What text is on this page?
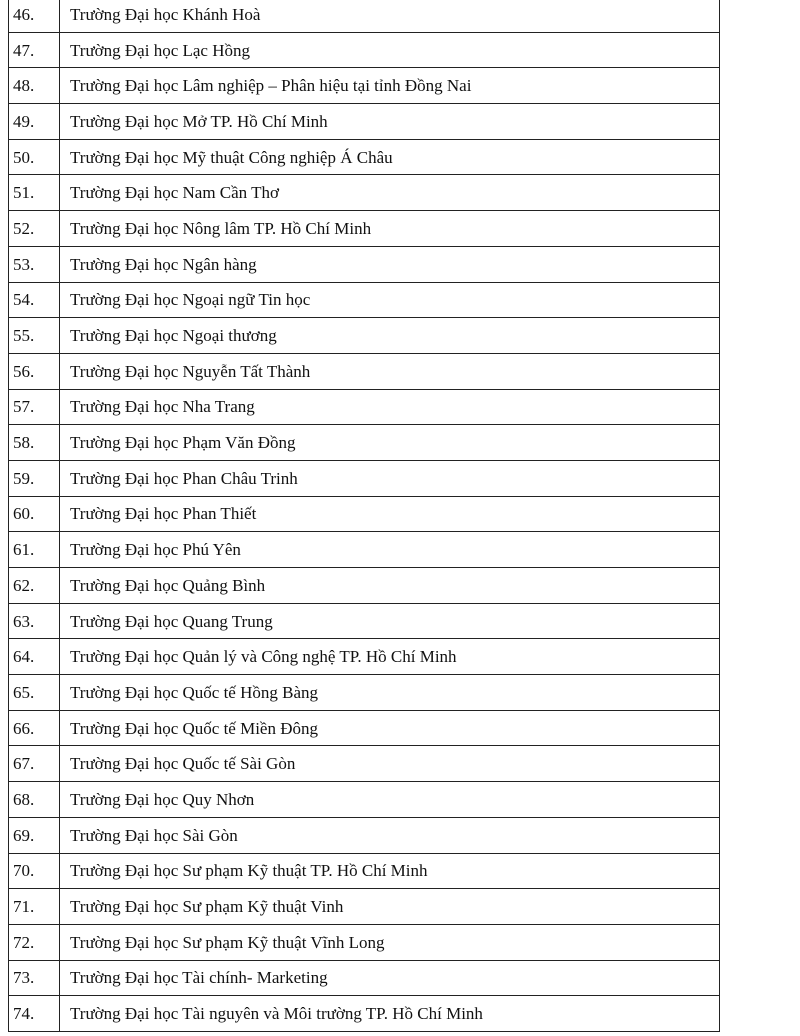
46.	Trường Đại học Khánh Hoà
47.	Trường Đại học Lạc Hồng
48.	Trường Đại học Lâm nghiệp – Phân hiệu tại tỉnh Đồng Nai
49.	Trường Đại học Mở TP. Hồ Chí Minh
50.	Trường Đại học Mỹ thuật Công nghiệp Á Châu
51.	Trường Đại học Nam Cần Thơ
52.	Trường Đại học Nông lâm TP. Hồ Chí Minh
53.	Trường Đại học Ngân hàng
54.	Trường Đại học Ngoại ngữ Tin học
55.	Trường Đại học Ngoại thương
56.	Trường Đại học Nguyễn Tất Thành
57.	Trường Đại học Nha Trang
58.	Trường Đại học Phạm Văn Đồng
59.	Trường Đại học Phan Châu Trinh
60.	Trường Đại học Phan Thiết
61.	Trường Đại học Phú Yên
62.	Trường Đại học Quảng Bình
63.	Trường Đại học Quang Trung
64.	Trường Đại học Quản lý và Công nghệ TP. Hồ Chí Minh
65.	Trường Đại học Quốc tế Hồng Bàng
66.	Trường Đại học Quốc tế Miền Đông
67.	Trường Đại học Quốc tế Sài Gòn
68.	Trường Đại học Quy Nhơn
69.	Trường Đại học Sài Gòn
70.	Trường Đại học Sư phạm Kỹ thuật TP. Hồ Chí Minh
71.	Trường Đại học Sư phạm Kỹ thuật Vinh
72.	Trường Đại học Sư phạm Kỹ thuật Vĩnh Long
73.	Trường Đại học Tài chính- Marketing
74.	Trường Đại học Tài nguyên và Môi trường TP. Hồ Chí Minh
